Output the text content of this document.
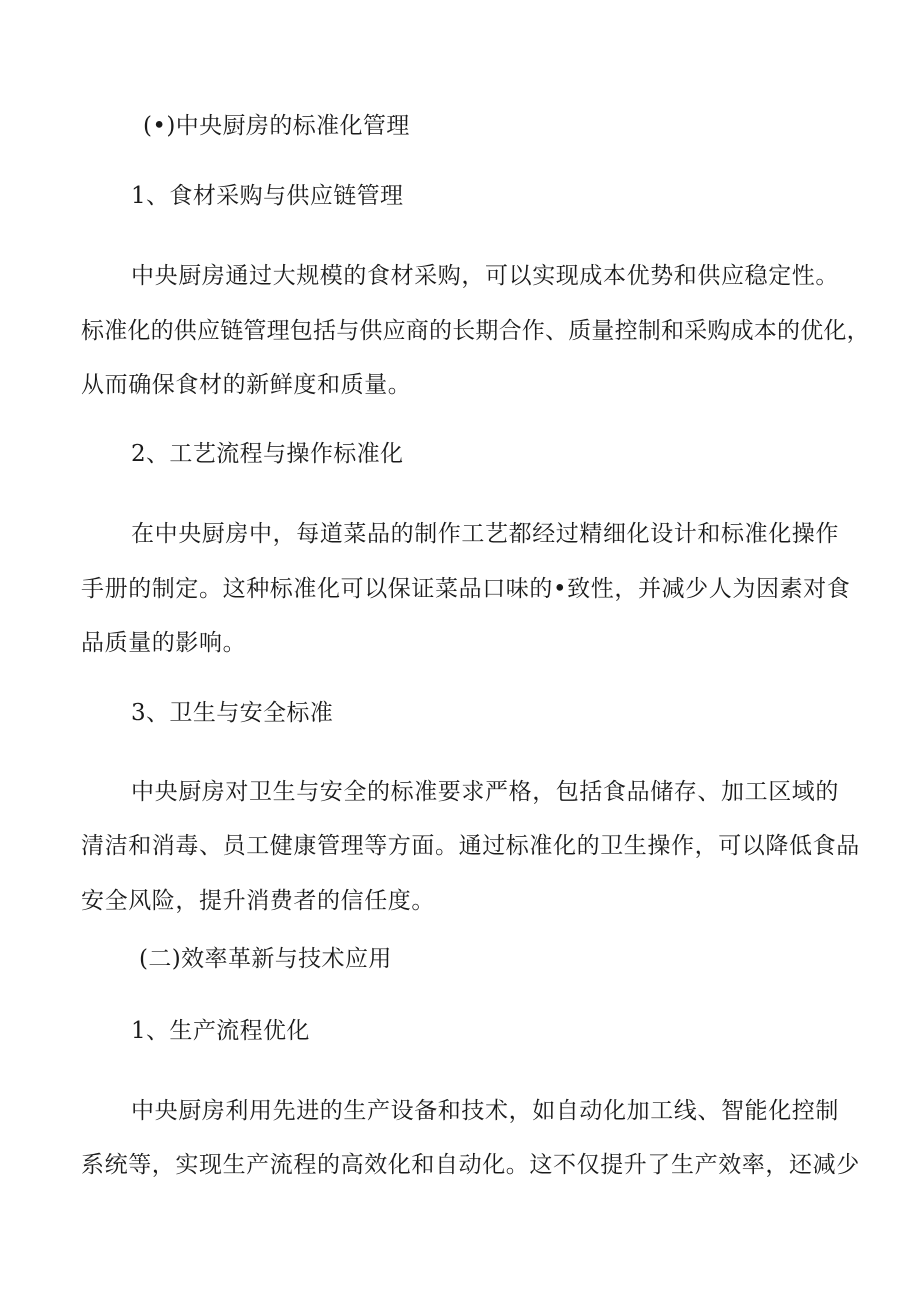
(•)中央厨房的标准化管理
1、食材采购与供应链管理
中央厨房通过大规模的食材采购，可以实现成本优势和供应稳定性。
标准化的供应链管理包括与供应商的长期合作、质量控制和采购成本的优化，
从而确保食材的新鲜度和质量。
2、工艺流程与操作标准化
在中央厨房中，每道菜品的制作工艺都经过精细化设计和标准化操作
手册的制定。这种标准化可以保证菜品口味的•致性，并减少人为因素对食
品质量的影响。
3、卫生与安全标准
中央厨房对卫生与安全的标准要求严格，包括食品储存、加工区域的
清洁和消毒、员工健康管理等方面。通过标准化的卫生操作，可以降低食品
安全风险，提升消费者的信任度。
(二)效率革新与技术应用
1、生产流程优化
中央厨房利用先进的生产设备和技术，如自动化加工线、智能化控制
系统等，实现生产流程的高效化和自动化。这不仅提升了生产效率，还减少
